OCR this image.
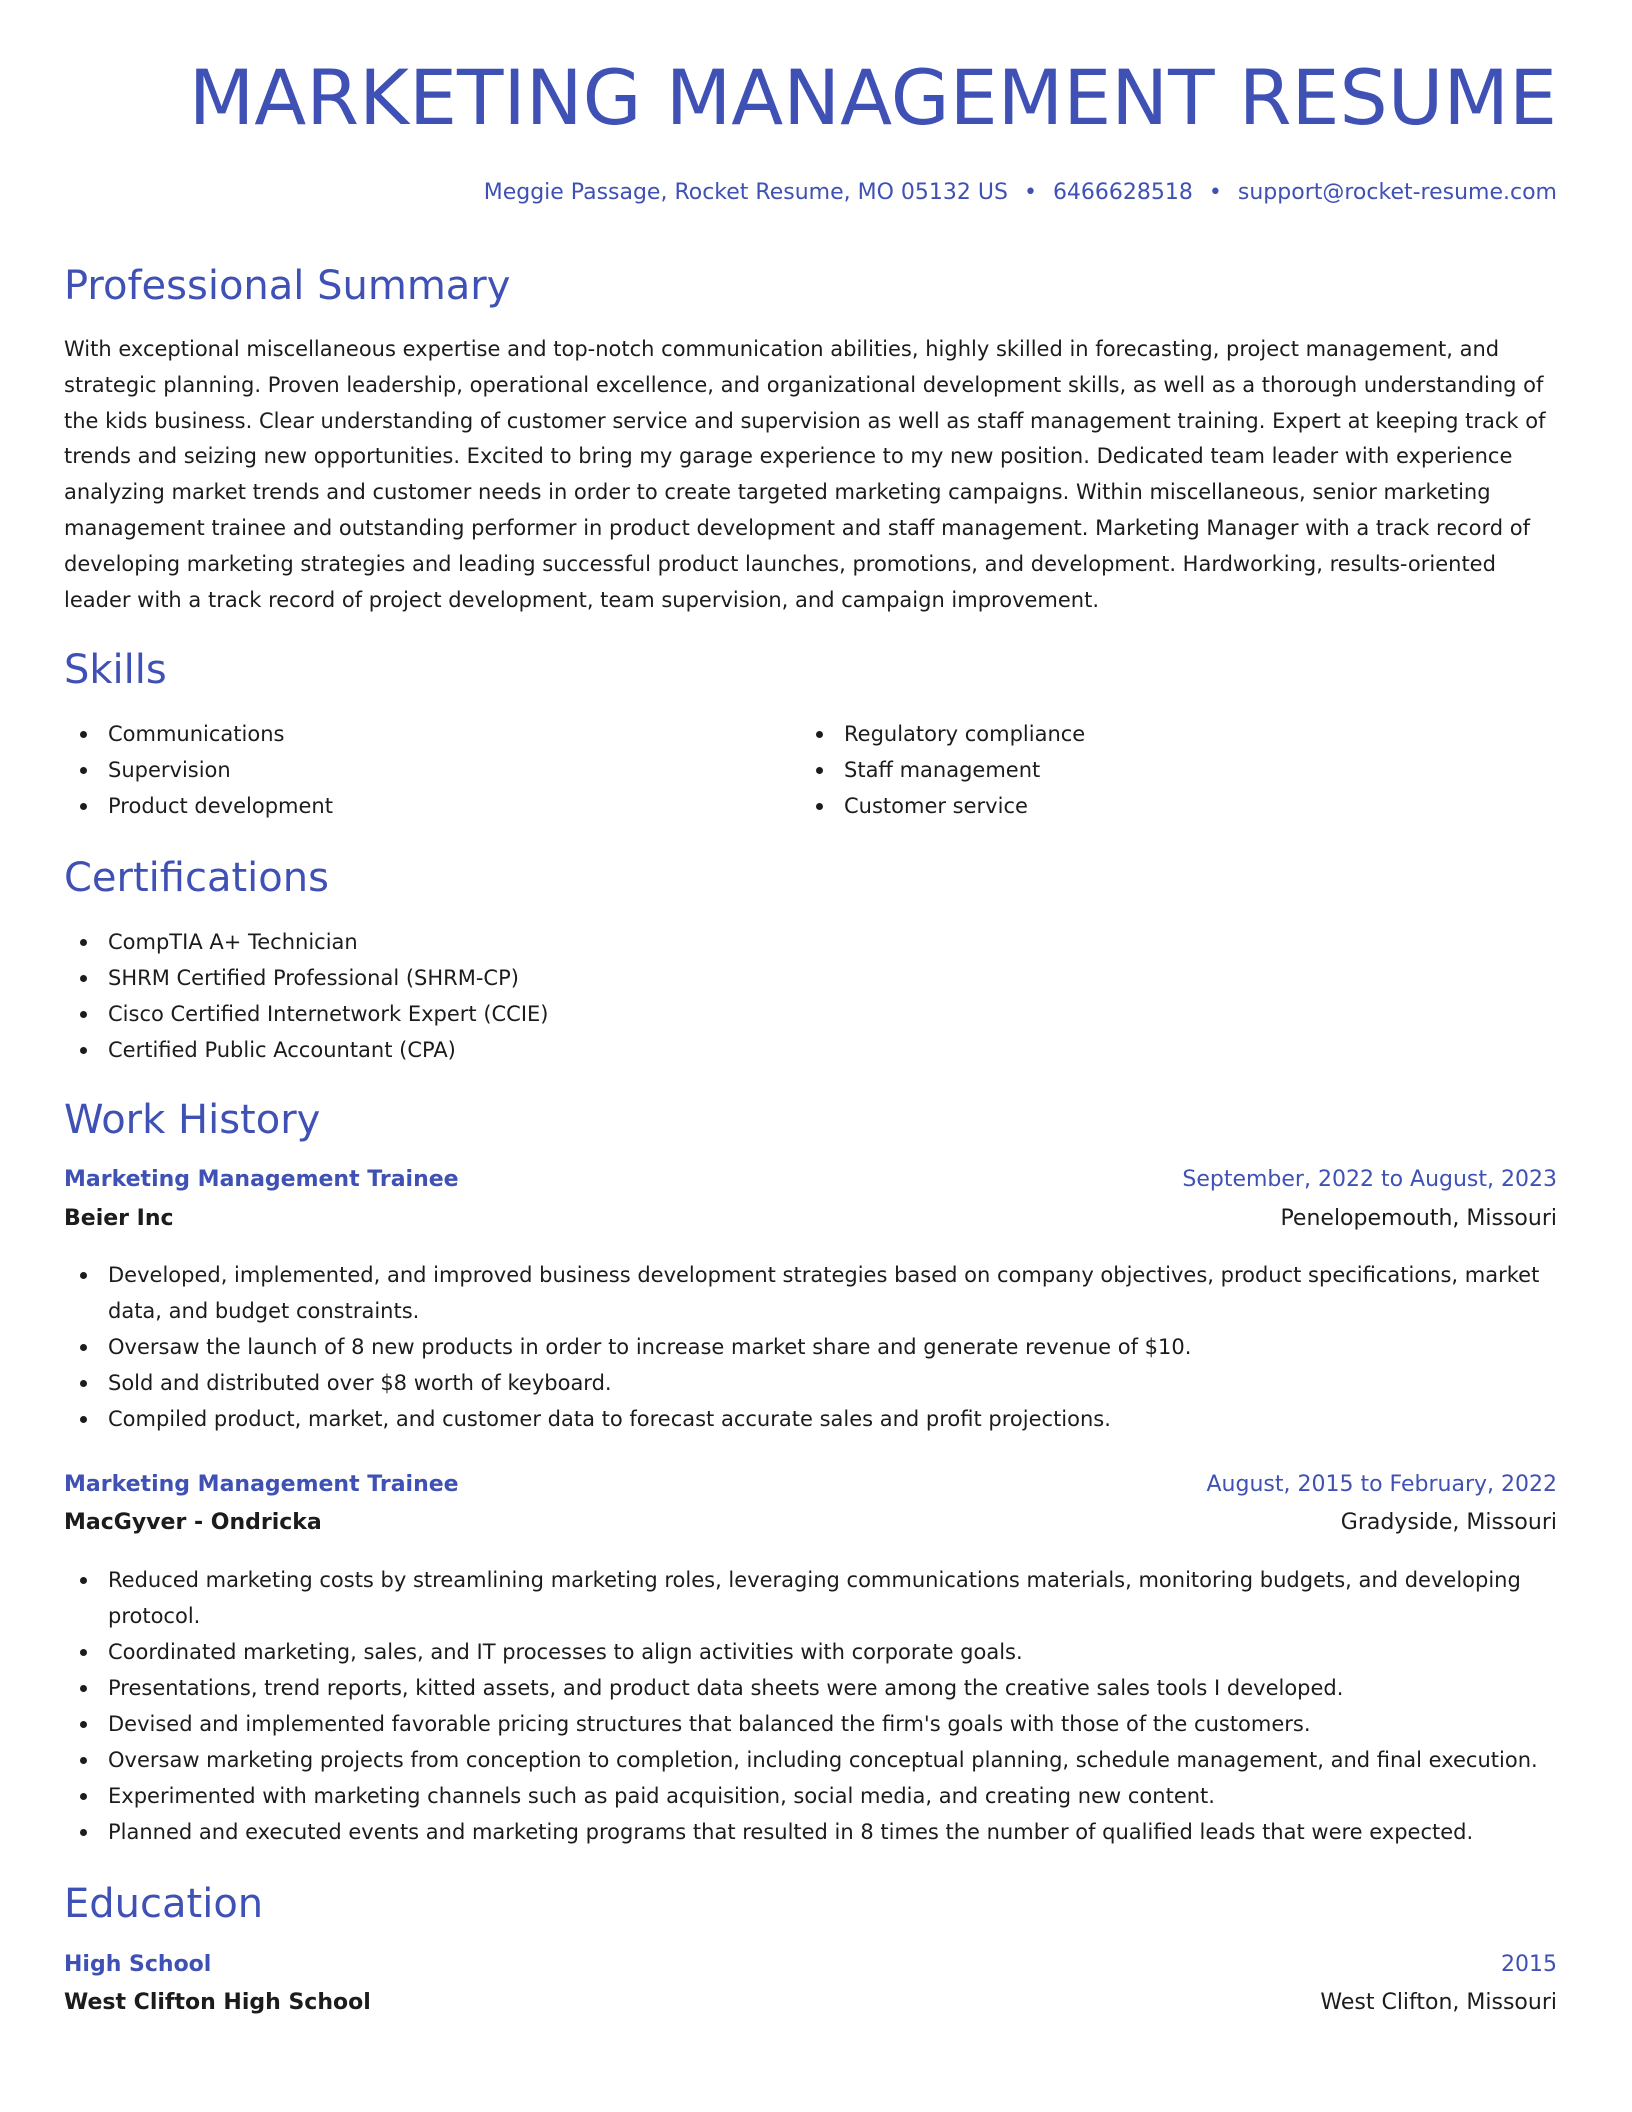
MARKETING MANAGEMENT RESUME
Meggie Passage, Rocket Resume, MO 05132 US • 6466628518 • support@rocket-resume.com
Professional Summary
With exceptional miscellaneous expertise and top-notch communication abilities, highly skilled in forecasting, project management, and
strategic planning. Proven leadership, operational excellence, and organizational development skills, as well as a thorough understanding of
the kids business. Clear understanding of customer service and supervision as well as staff management training. Expert at keeping track of
trends and seizing new opportunities. Excited to bring my garage experience to my new position. Dedicated team leader with experience
analyzing market trends and customer needs in order to create targeted marketing campaigns. Within miscellaneous, senior marketing
management trainee and outstanding performer in product development and staff management. Marketing Manager with a track record of
developing marketing strategies and leading successful product launches, promotions, and development. Hardworking, results-oriented
leader with a track record of project development, team supervision, and campaign improvement.
Skills
Communications
Supervision
Product development
Regulatory compliance
Staff management
Customer service
Certifications
CompTIA A+ Technician
SHRM Certified Professional (SHRM-CP)
Cisco Certified Internetwork Expert (CCIE)
Certified Public Accountant (CPA)
Work History
Marketing Management Trainee	September, 2022 to August, 2023
Beier Inc	Penelopemouth, Missouri
Developed, implemented, and improved business development strategies based on company objectives, product specifications, market
data, and budget constraints.
Oversaw the launch of 8 new products in order to increase market share and generate revenue of $10.
Sold and distributed over $8 worth of keyboard.
Compiled product, market, and customer data to forecast accurate sales and profit projections.
Marketing Management Trainee	August, 2015 to February, 2022
MacGyver - Ondricka	Gradyside, Missouri
Reduced marketing costs by streamlining marketing roles, leveraging communications materials, monitoring budgets, and developing
protocol.
Coordinated marketing, sales, and IT processes to align activities with corporate goals.
Presentations, trend reports, kitted assets, and product data sheets were among the creative sales tools I developed.
Devised and implemented favorable pricing structures that balanced the firm's goals with those of the customers.
Oversaw marketing projects from conception to completion, including conceptual planning, schedule management, and final execution.
Experimented with marketing channels such as paid acquisition, social media, and creating new content.
Planned and executed events and marketing programs that resulted in 8 times the number of qualified leads that were expected.
Education
High School	2015
West Clifton High School	West Clifton, Missouri
